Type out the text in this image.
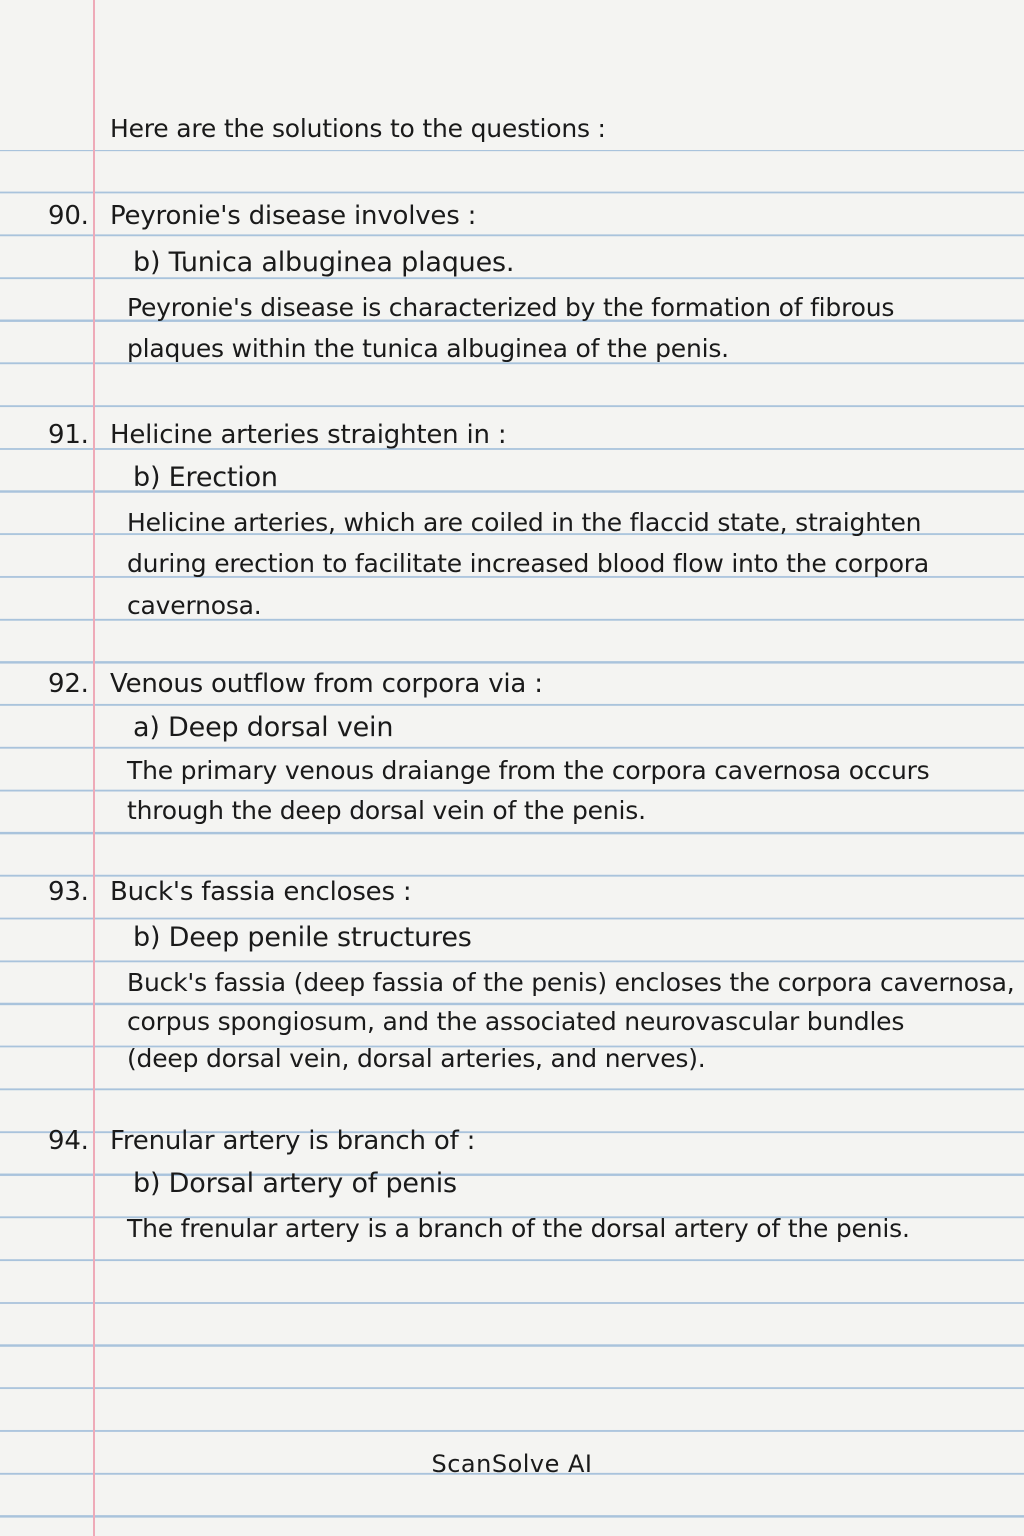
Here are the solutions to the questions :
90. Peyronie's disease involves :
b) Tunica albuginea plaques.
Peyronie's disease is characterized by the formation of fibrous
plaques within the tunica albuginea of the penis.
91. Helicine arteries straighten in :
b) Erection
Helicine arteries, which are coiled in the flaccid state, straighten
during erection to facilitate increased blood flow into the corpora
cavernosa.
92. Venous outflow from corpora via :
a) Deep dorsal vein
The primary venous draiange from the corpora cavernosa occurs
through the deep dorsal vein of the penis.
93. Buck's fassia encloses :
b) Deep penile structures
Buck's fassia (deep fassia of the penis) encloses the corpora cavernosa,
corpus spongiosum, and the associated neurovascular bundles
(deep dorsal vein, dorsal arteries, and nerves).
94. Frenular artery is branch of :
b) Dorsal artery of penis
The frenular artery is a branch of the dorsal artery of the penis.
ScanSolve AI
